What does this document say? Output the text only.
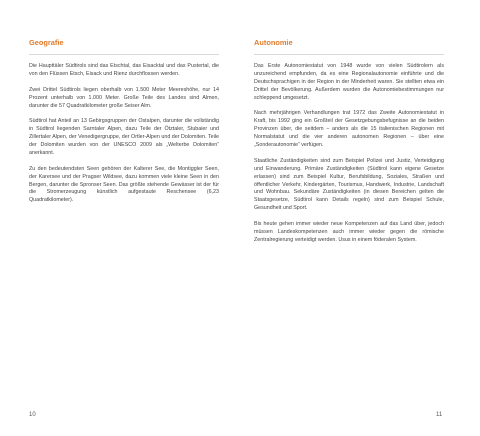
Geografie

Die Haupttäler Südtirols sind das Etschtal, das Eisacktal und das Pustertal, die von den Flüssen Etsch, Eisack und Rienz durchflossen werden.

Zwei Drittel Südtirols liegen oberhalb von 1.500 Meter Meereshöhe, nur 14 Prozent unterhalb von 1.000 Meter. Große Teile des Landes sind Almen, darunter die 57 Quadratkilometer große Seiser Alm.

Südtirol hat Anteil an 13 Gebirgsgruppen der Ostalpen, darunter die vollständig in Südtirol liegenden Sarntaler Alpen, dazu Teile der Ötztaler, Stubaier und Zillertaler Alpen, der Venedigergruppe, der Ortler-Alpen und der Dolomiten. Teile der Dolomiten wurden von der UNESCO 2009 als „Welterbe Dolomiten“ anerkannt.

Zu den bedeutendsten Seen gehören der Kalterer See, die Montiggler Seen, der Karersee und der Pragser Wildsee, dazu kommen viele kleine Seen in den Bergen, darunter die Spronser Seen. Das größte stehende Gewässer ist der für die Stromerzeugung künstlich aufgestaute Reschensee (6,23 Quadratkilometer).

Autonomie

Das Erste Autonomiestatut von 1948 wurde von vielen Südtirolern als unzureichend empfunden, da es eine Regionalautonomie einführte und die Deutschsprachigen in der Region in der Minderheit waren. Sie stellten etwa ein Drittel der Bevölkerung. Außerdem wurden die Autonomiebestimmungen nur schleppend umgesetzt.

Nach mehrjährigen Verhandlungen trat 1972 das Zweite Autonomiestatut in Kraft, bis 1992 ging ein Großteil der Gesetzgebungsbefugnisse an die beiden Provinzen über, die seitdem – anders als die 15 italienischen Regionen mit Normalstatut und die vier anderen autonomen Regionen – über eine „Sonderautonomie“ verfügen.

Staatliche Zuständigkeiten sind zum Beispiel Polizei und Justiz, Verteidigung und Einwanderung. Primäre Zuständigkeiten (Südtirol kann eigene Gesetze erlassen) sind zum Beispiel Kultur, Berufsbildung, Soziales, Straßen und öffentlicher Verkehr, Kindergärten, Tourismus, Handwerk, Industrie, Landschaft und Wohnbau. Sekundäre Zuständigkeiten (in diesen Bereichen gelten die Staatsgesetze, Südtirol kann Details regeln) sind zum Beispiel Schule, Gesundheit und Sport.

Bis heute gehen immer wieder neue Kompetenzen auf das Land über, jedoch müssen Landeskompetenzen auch immer wieder gegen die römische Zentralregierung verteidigt werden. Usus in einem föderalen System.

10	11
